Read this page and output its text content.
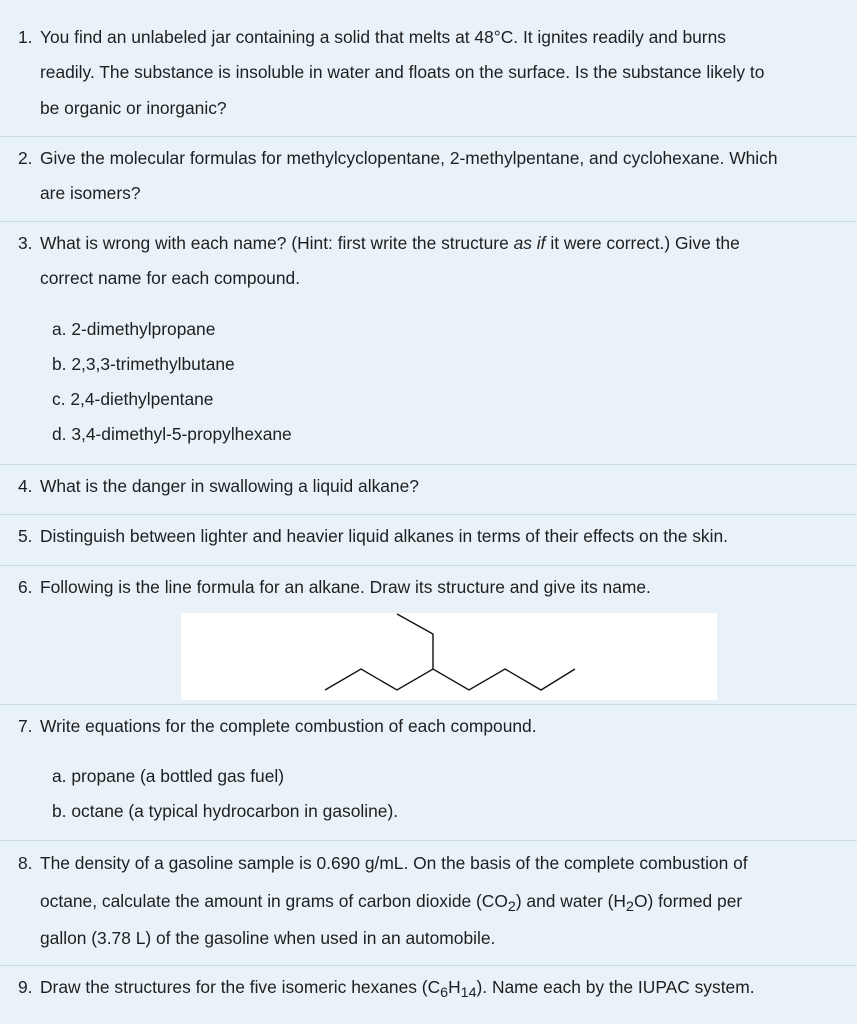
1. You find an unlabeled jar containing a solid that melts at 48°C. It ignites readily and burns
readily. The substance is insoluble in water and floats on the surface. Is the substance likely to
be organic or inorganic?
2. Give the molecular formulas for methylcyclopentane, 2-methylpentane, and cyclohexane. Which
are isomers?
3. What is wrong with each name? (Hint: first write the structure as if it were correct.) Give the
correct name for each compound.
a. 2-dimethylpropane
b. 2,3,3-trimethylbutane
c. 2,4-diethylpentane
d. 3,4-dimethyl-5-propylhexane
4. What is the danger in swallowing a liquid alkane?
5. Distinguish between lighter and heavier liquid alkanes in terms of their effects on the skin.
6. Following is the line formula for an alkane. Draw its structure and give its name.
7. Write equations for the complete combustion of each compound.
a. propane (a bottled gas fuel)
b. octane (a typical hydrocarbon in gasoline).
8. The density of a gasoline sample is 0.690 g/mL. On the basis of the complete combustion of
octane, calculate the amount in grams of carbon dioxide $(CO_2)$ and water $(H_2O)$ formed per
gallon (3.78 L) of the gasoline when used in an automobile.
9. Draw the structures for the five isomeric hexanes $(C_6H_{14})$. Name each by the IUPAC system.
